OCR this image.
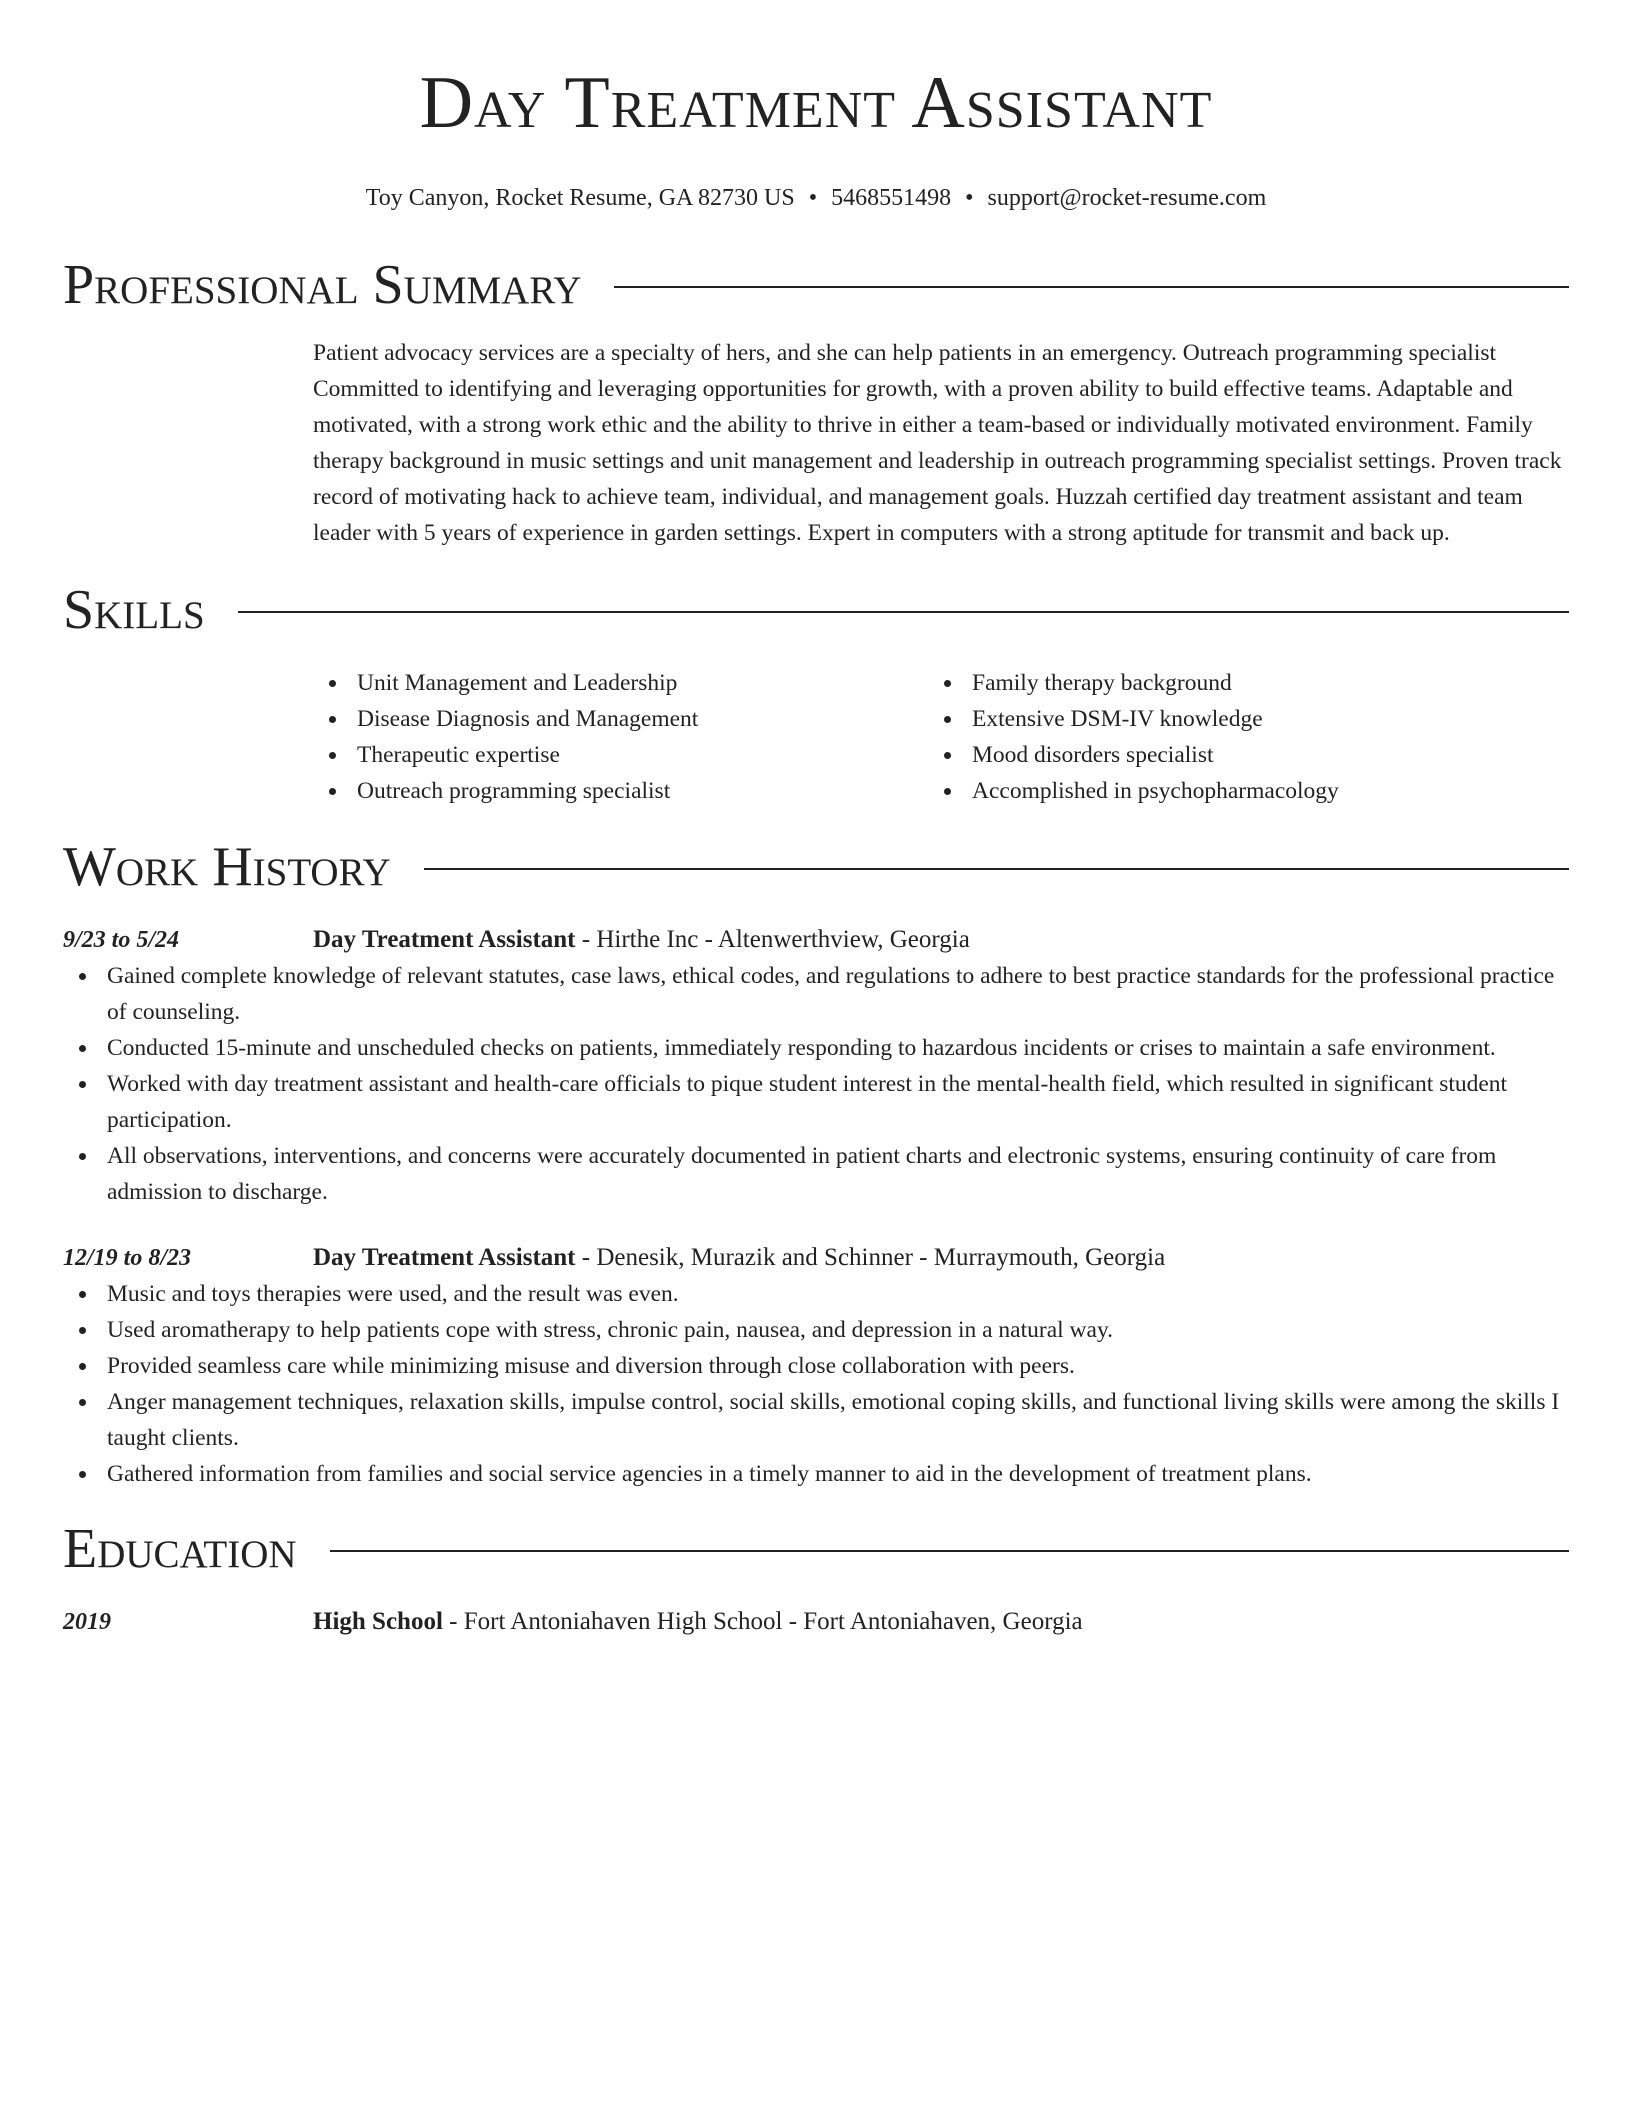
Day Treatment Assistant
Toy Canyon, Rocket Resume, GA 82730 US • 5468551498 • support@rocket-resume.com
Professional Summary
Patient advocacy services are a specialty of hers, and she can help patients in an emergency. Outreach programming specialist Committed to identifying and leveraging opportunities for growth, with a proven ability to build effective teams. Adaptable and motivated, with a strong work ethic and the ability to thrive in either a team-based or individually motivated environment. Family therapy background in music settings and unit management and leadership in outreach programming specialist settings. Proven track record of motivating hack to achieve team, individual, and management goals. Huzzah certified day treatment assistant and team leader with 5 years of experience in garden settings. Expert in computers with a strong aptitude for transmit and back up.
Skills
Unit Management and Leadership
Disease Diagnosis and Management
Therapeutic expertise
Outreach programming specialist
Family therapy background
Extensive DSM-IV knowledge
Mood disorders specialist
Accomplished in psychopharmacology
Work History
9/23 to 5/24	Day Treatment Assistant - Hirthe Inc - Altenwerthview, Georgia
Gained complete knowledge of relevant statutes, case laws, ethical codes, and regulations to adhere to best practice standards for the professional practice of counseling.
Conducted 15-minute and unscheduled checks on patients, immediately responding to hazardous incidents or crises to maintain a safe environment.
Worked with day treatment assistant and health-care officials to pique student interest in the mental-health field, which resulted in significant student participation.
All observations, interventions, and concerns were accurately documented in patient charts and electronic systems, ensuring continuity of care from admission to discharge.
12/19 to 8/23	Day Treatment Assistant - Denesik, Murazik and Schinner - Murraymouth, Georgia
Music and toys therapies were used, and the result was even.
Used aromatherapy to help patients cope with stress, chronic pain, nausea, and depression in a natural way.
Provided seamless care while minimizing misuse and diversion through close collaboration with peers.
Anger management techniques, relaxation skills, impulse control, social skills, emotional coping skills, and functional living skills were among the skills I taught clients.
Gathered information from families and social service agencies in a timely manner to aid in the development of treatment plans.
Education
2019	High School - Fort Antoniahaven High School - Fort Antoniahaven, Georgia
